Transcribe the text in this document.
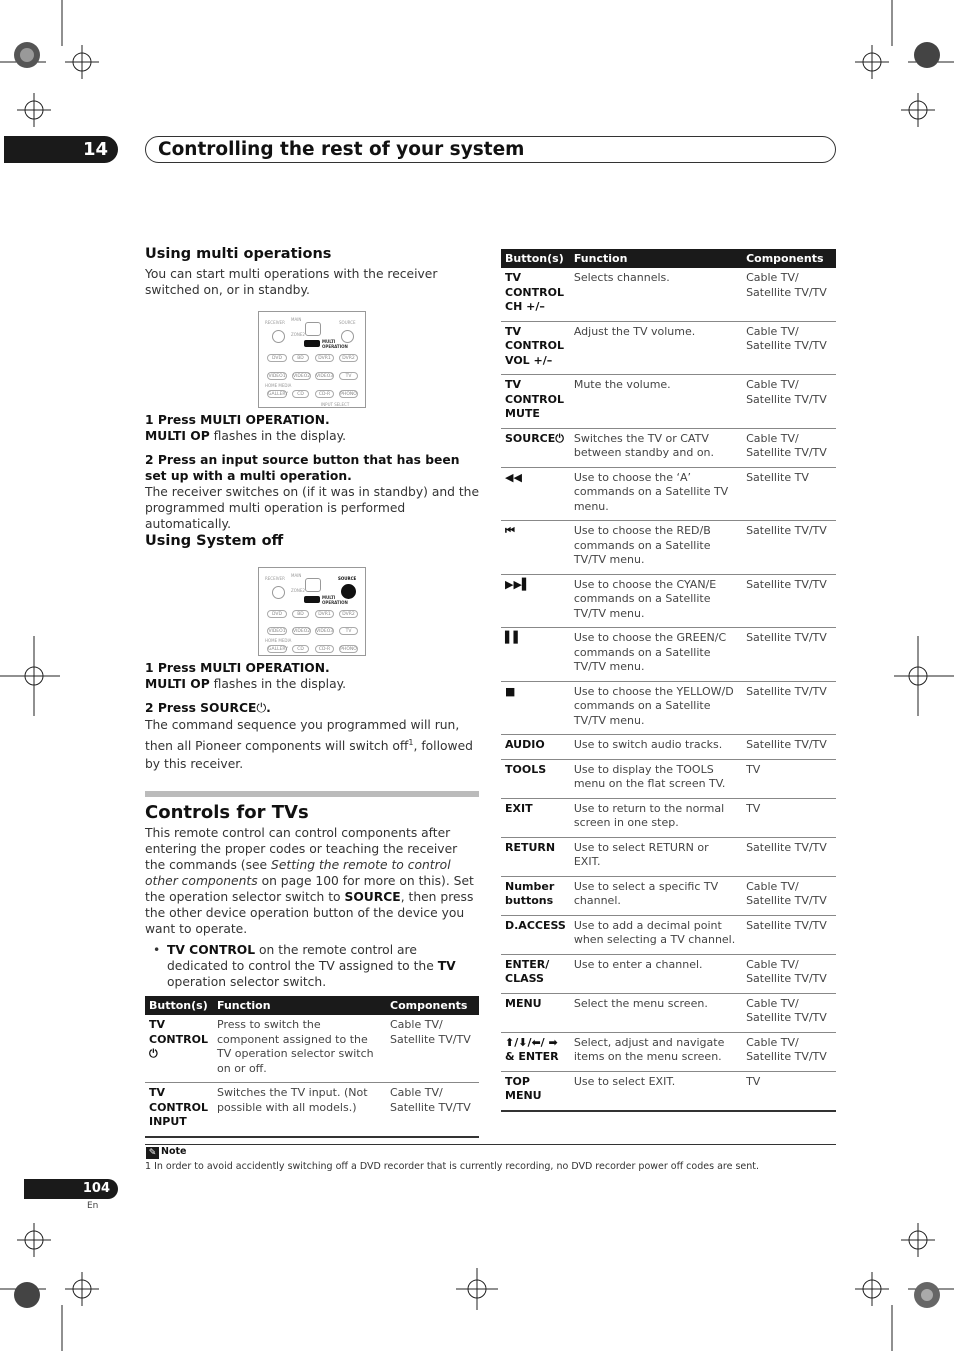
14	Controlling the rest of your system
Using multi operations
You can start multi operations with the receiver switched on, or in standby.
RECEIVER
MAIN
SOURCE
ZONE2
MULTI
OPERATION
DVD	BD	DVR1	DVR2
VIDEO1	VIDEO2 VIDEO3	TV
HOME MEDIA
GALLERY	CD	CD-R	PHONO
INPUT SELECT
1 Press MULTI OPERATION.
MULTI OP flashes in the display.
2 Press an input source button that has been set up with a multi operation.
The receiver switches on (if it was in standby) and the programmed multi operation is performed automatically.
Using System off
RECEIVER
MAIN
SOURCE
ZONE2
MULTI
OPERATION
DVD	BD	DVR1	DVR2
VIDEO1	VIDEO2 VIDEO3	TV
HOME MEDIA
GALLERY	CD	CD-R	PHONO
1 Press MULTI OPERATION.
MULTI OP flashes in the display.
2 Press SOURCE⏻.
The command sequence you programmed will run, then all Pioneer components will switch off$^1$, followed by this receiver.
Controls for TVs
This remote control can control components after entering the proper codes or teaching the receiver the commands (see Setting the remote to control other components on page 100 for more on this). Set the operation selector switch to SOURCE, then press the other device operation button of the device you want to operate.
• TV CONTROL on the remote control are dedicated to control the TV assigned to the TV operation selector switch.
Button(s)	Function	Components
TV CONTROL ⏻	Press to switch the component assigned to the TV operation selector switch on or off.	Cable TV/ Satellite TV/TV
TV CONTROL INPUT	Switches the TV input. (Not possible with all models.)	Cable TV/ Satellite TV/TV
Button(s)	Function	Components
TV CONTROL CH +/–	Selects channels.	Cable TV/ Satellite TV/TV
TV CONTROL VOL +/–	Adjust the TV volume.	Cable TV/ Satellite TV/TV
TV CONTROL MUTE	Mute the volume.	Cable TV/ Satellite TV/TV
SOURCE⏻	Switches the TV or CATV between standby and on.	Cable TV/ Satellite TV/TV
◀◀	Use to choose the ‘A’ commands on a Satellite TV menu.	Satellite TV
⏮	Use to choose the RED/B commands on a Satellite TV/TV menu.	Satellite TV/TV
▶▶▌	Use to choose the CYAN/E commands on a Satellite TV/TV menu.	Satellite TV/TV
▌▌	Use to choose the GREEN/C commands on a Satellite TV/TV menu.	Satellite TV/TV
■	Use to choose the YELLOW/D commands on a Satellite TV/TV menu.	Satellite TV/TV
AUDIO	Use to switch audio tracks.	Satellite TV/TV
TOOLS	Use to display the TOOLS menu on the flat screen TV.	TV
EXIT	Use to return to the normal screen in one step.	TV
RETURN	Use to select RETURN or EXIT.	Satellite TV/TV
Number buttons	Use to select a specific TV channel.	Cable TV/ Satellite TV/TV
D.ACCESS	Use to add a decimal point when selecting a TV channel.	Satellite TV/TV
ENTER/ CLASS	Use to enter a channel.	Cable TV/ Satellite TV/TV
MENU	Select the menu screen.	Cable TV/ Satellite TV/TV
⬆/⬇/⬅/ ➡ & ENTER	Select, adjust and navigate items on the menu screen.	Cable TV/ Satellite TV/TV
TOP MENU	Use to select EXIT.	TV
✎ Note
1 In order to avoid accidently switching off a DVD recorder that is currently recording, no DVD recorder power off codes are sent.
104
En
